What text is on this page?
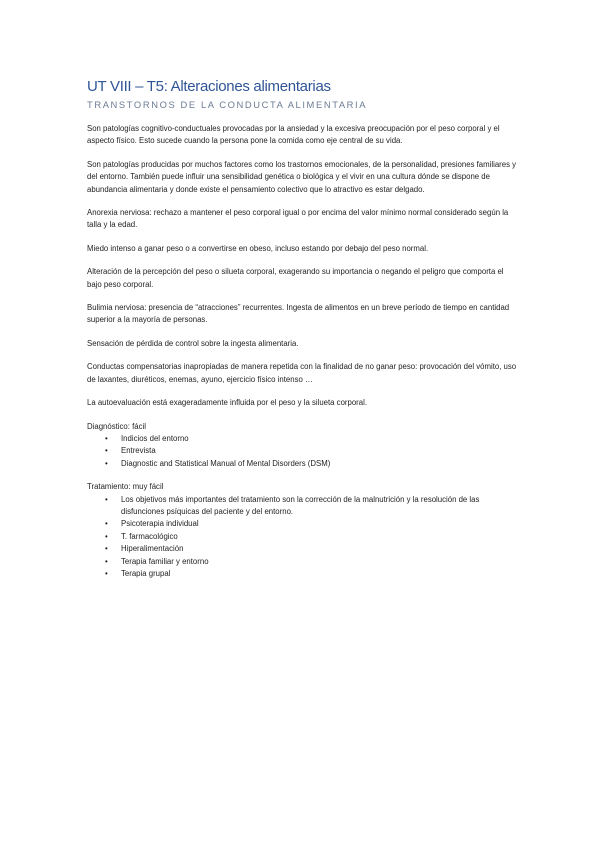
UT VIII – T5: Alteraciones alimentarias
TRANSTORNOS DE LA CONDUCTA ALIMENTARIA

Son patologías cognitivo-conductuales provocadas por la ansiedad y la excesiva preocupación por el peso corporal y el aspecto físico. Esto sucede cuando la persona pone la comida como eje central de su vida.

Son patologías producidas por muchos factores como los trastornos emocionales, de la personalidad, presiones familiares y del entorno. También puede influir una sensibilidad genética o biológica y el vivir en una cultura dónde se dispone de abundancia alimentaria y donde existe el pensamiento colectivo que lo atractivo es estar delgado.

Anorexia nerviosa: rechazo a mantener el peso corporal igual o por encima del valor mínimo normal considerado según la talla y la edad.

Miedo intenso a ganar peso o a convertirse en obeso, incluso estando por debajo del peso normal.

Alteración de la percepción del peso o silueta corporal, exagerando su importancia o negando el peligro que comporta el bajo peso corporal.

Bulimia nerviosa: presencia de “atracciones” recurrentes. Ingesta de alimentos en un breve período de tiempo en cantidad superior a la mayoría de personas.

Sensación de pérdida de control sobre la ingesta alimentaria.

Conductas compensatorias inapropiadas de manera repetida con la finalidad de no ganar peso: provocación del vómito, uso de laxantes, diuréticos, enemas, ayuno, ejercicio físico intenso …

La autoevaluación está exageradamente influida por el peso y la silueta corporal.

Diagnóstico: fácil
• Indicios del entorno
• Entrevista
• Diagnostic and Statistical Manual of Mental Disorders (DSM)
Tratamiento: muy fácil
• Los objetivos más importantes del tratamiento son la corrección de la malnutrición y la resolución de las disfunciones psíquicas del paciente y del entorno.
• Psicoterapia individual
• T. farmacológico
• Hiperalimentación
• Terapia familiar y entorno
• Terapia grupal
